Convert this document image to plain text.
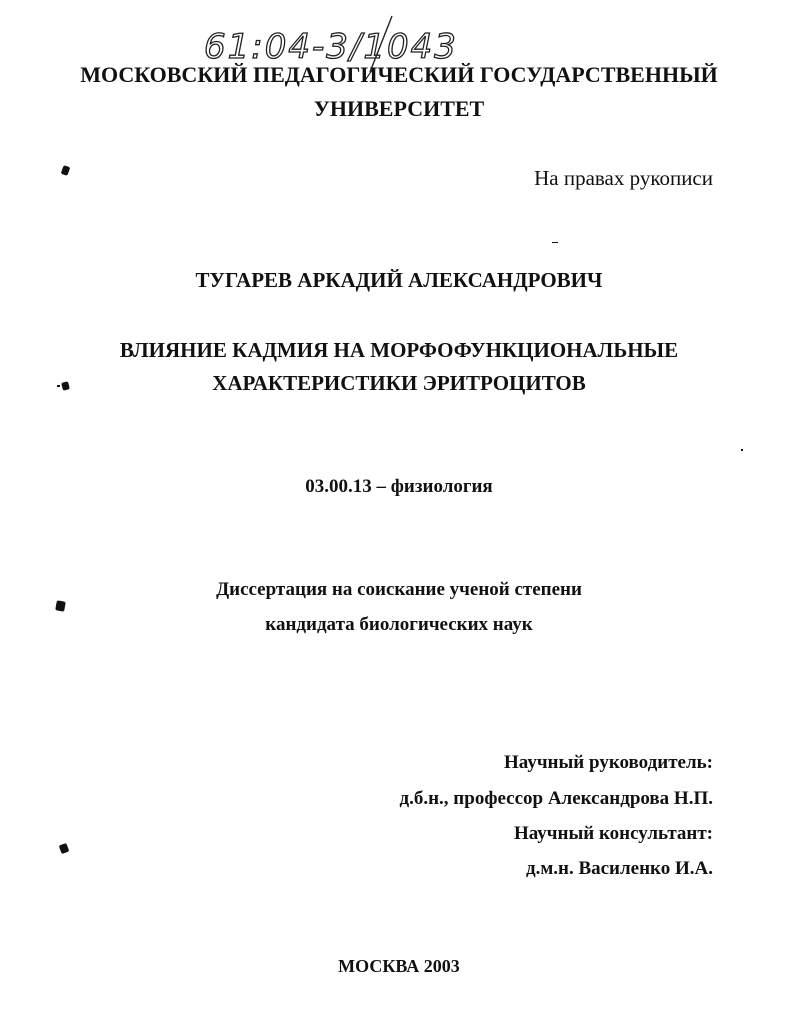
61:04-3/1043
МОСКОВСКИЙ ПЕДАГОГИЧЕСКИЙ ГОСУДАРСТВЕННЫЙ
УНИВЕРСИТЕТ
На правах рукописи
ТУГАРЕВ АРКАДИЙ АЛЕКСАНДРОВИЧ
ВЛИЯНИЕ КАДМИЯ НА МОРФОФУНКЦИОНАЛЬНЫЕ
ХАРАКТЕРИСТИКИ ЭРИТРОЦИТОВ
03.00.13 – физиология
Диссертация на соискание ученой степени
кандидата биологических наук
Научный руководитель:
д.б.н., профессор Александрова Н.П.
Научный консультант:
д.м.н. Василенко И.А.
МОСКВА 2003
